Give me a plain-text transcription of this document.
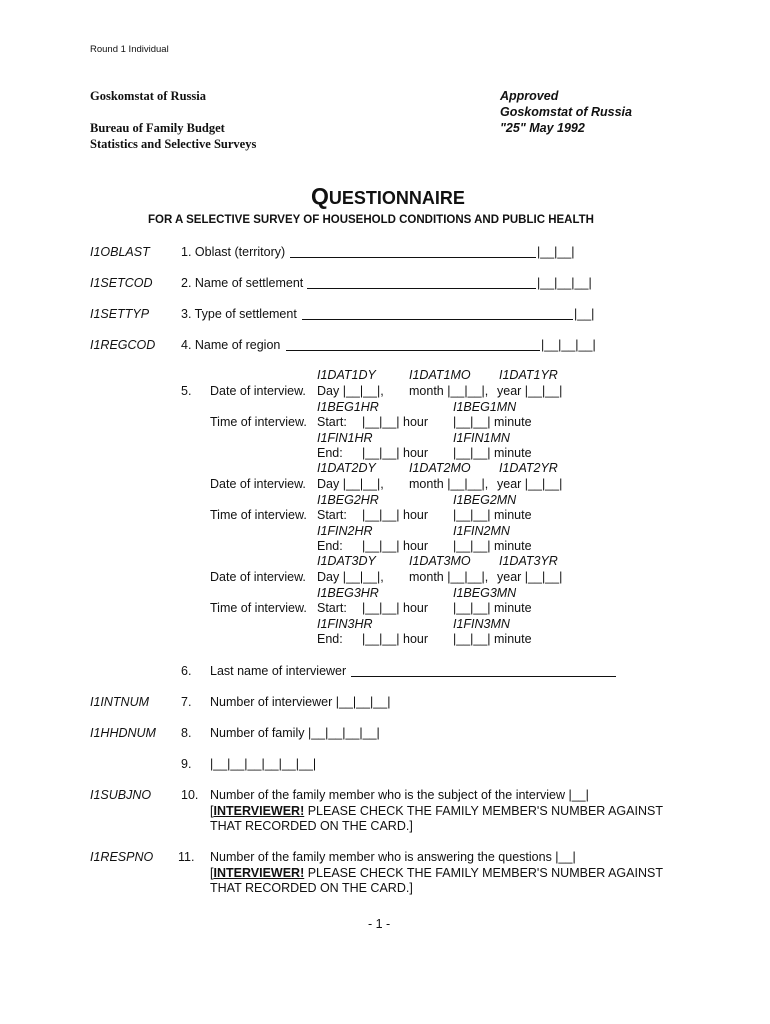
Round 1 Individual
Goskomstat of Russia
Bureau of Family Budget
Statistics and Selective Surveys
Approved
Goskomstat of Russia
"25" May 1992
QUESTIONNAIRE
FOR A SELECTIVE SURVEY OF HOUSEHOLD CONDITIONS AND PUBLIC HEALTH
I1OBLAST	1. Oblast (territory)	|__|__|
I1SETCOD 2. Name of settlement	|__|__|__|
I1SETTYP	3. Type of settlement	|__|
I1REGCOD 4. Name of region	|__|__|__|
5.
I1DAT1DY	I1DAT1MO I1DAT1YR
Date of interview. Day |__|__|, month |__|__|, year |__|__|
I1BEG1HR	I1BEG1MN
Time of interview. Start: |__|__| hour |__|__| minute
I1FIN1HR	I1FIN1MN
End: |__|__| hour |__|__| minute
I1DAT2DY	I1DAT2MO I1DAT2YR
Date of interview. Day |__|__|, month |__|__|, year |__|__|
I1BEG2HR	I1BEG2MN
Time of interview. Start: |__|__| hour |__|__| minute
I1FIN2HR	I1FIN2MN
End: |__|__| hour |__|__| minute
I1DAT3DY	I1DAT3MO I1DAT3YR
Date of interview. Day |__|__|, month |__|__|, year |__|__|
I1BEG3HR	I1BEG3MN
Time of interview. Start: |__|__| hour |__|__| minute
I1FIN3HR	I1FIN3MN
End: |__|__| hour |__|__| minute
6. Last name of interviewer
I1INTNUM	7. Number of interviewer |__|__|__|
I1HHDNUM 8. Number of family |__|__|__|__|
9. |__|__|__|__|__|__|
I1SUBJNO 10. Number of the family member who is the subject of the interview |__|
[INTERVIEWER! PLEASE CHECK THE FAMILY MEMBER'S NUMBER AGAINST
THAT RECORDED ON THE CARD.]
I1RESPNO 11. Number of the family member who is answering the questions |__|
[INTERVIEWER! PLEASE CHECK THE FAMILY MEMBER'S NUMBER AGAINST
THAT RECORDED ON THE CARD.]
- 1 -
